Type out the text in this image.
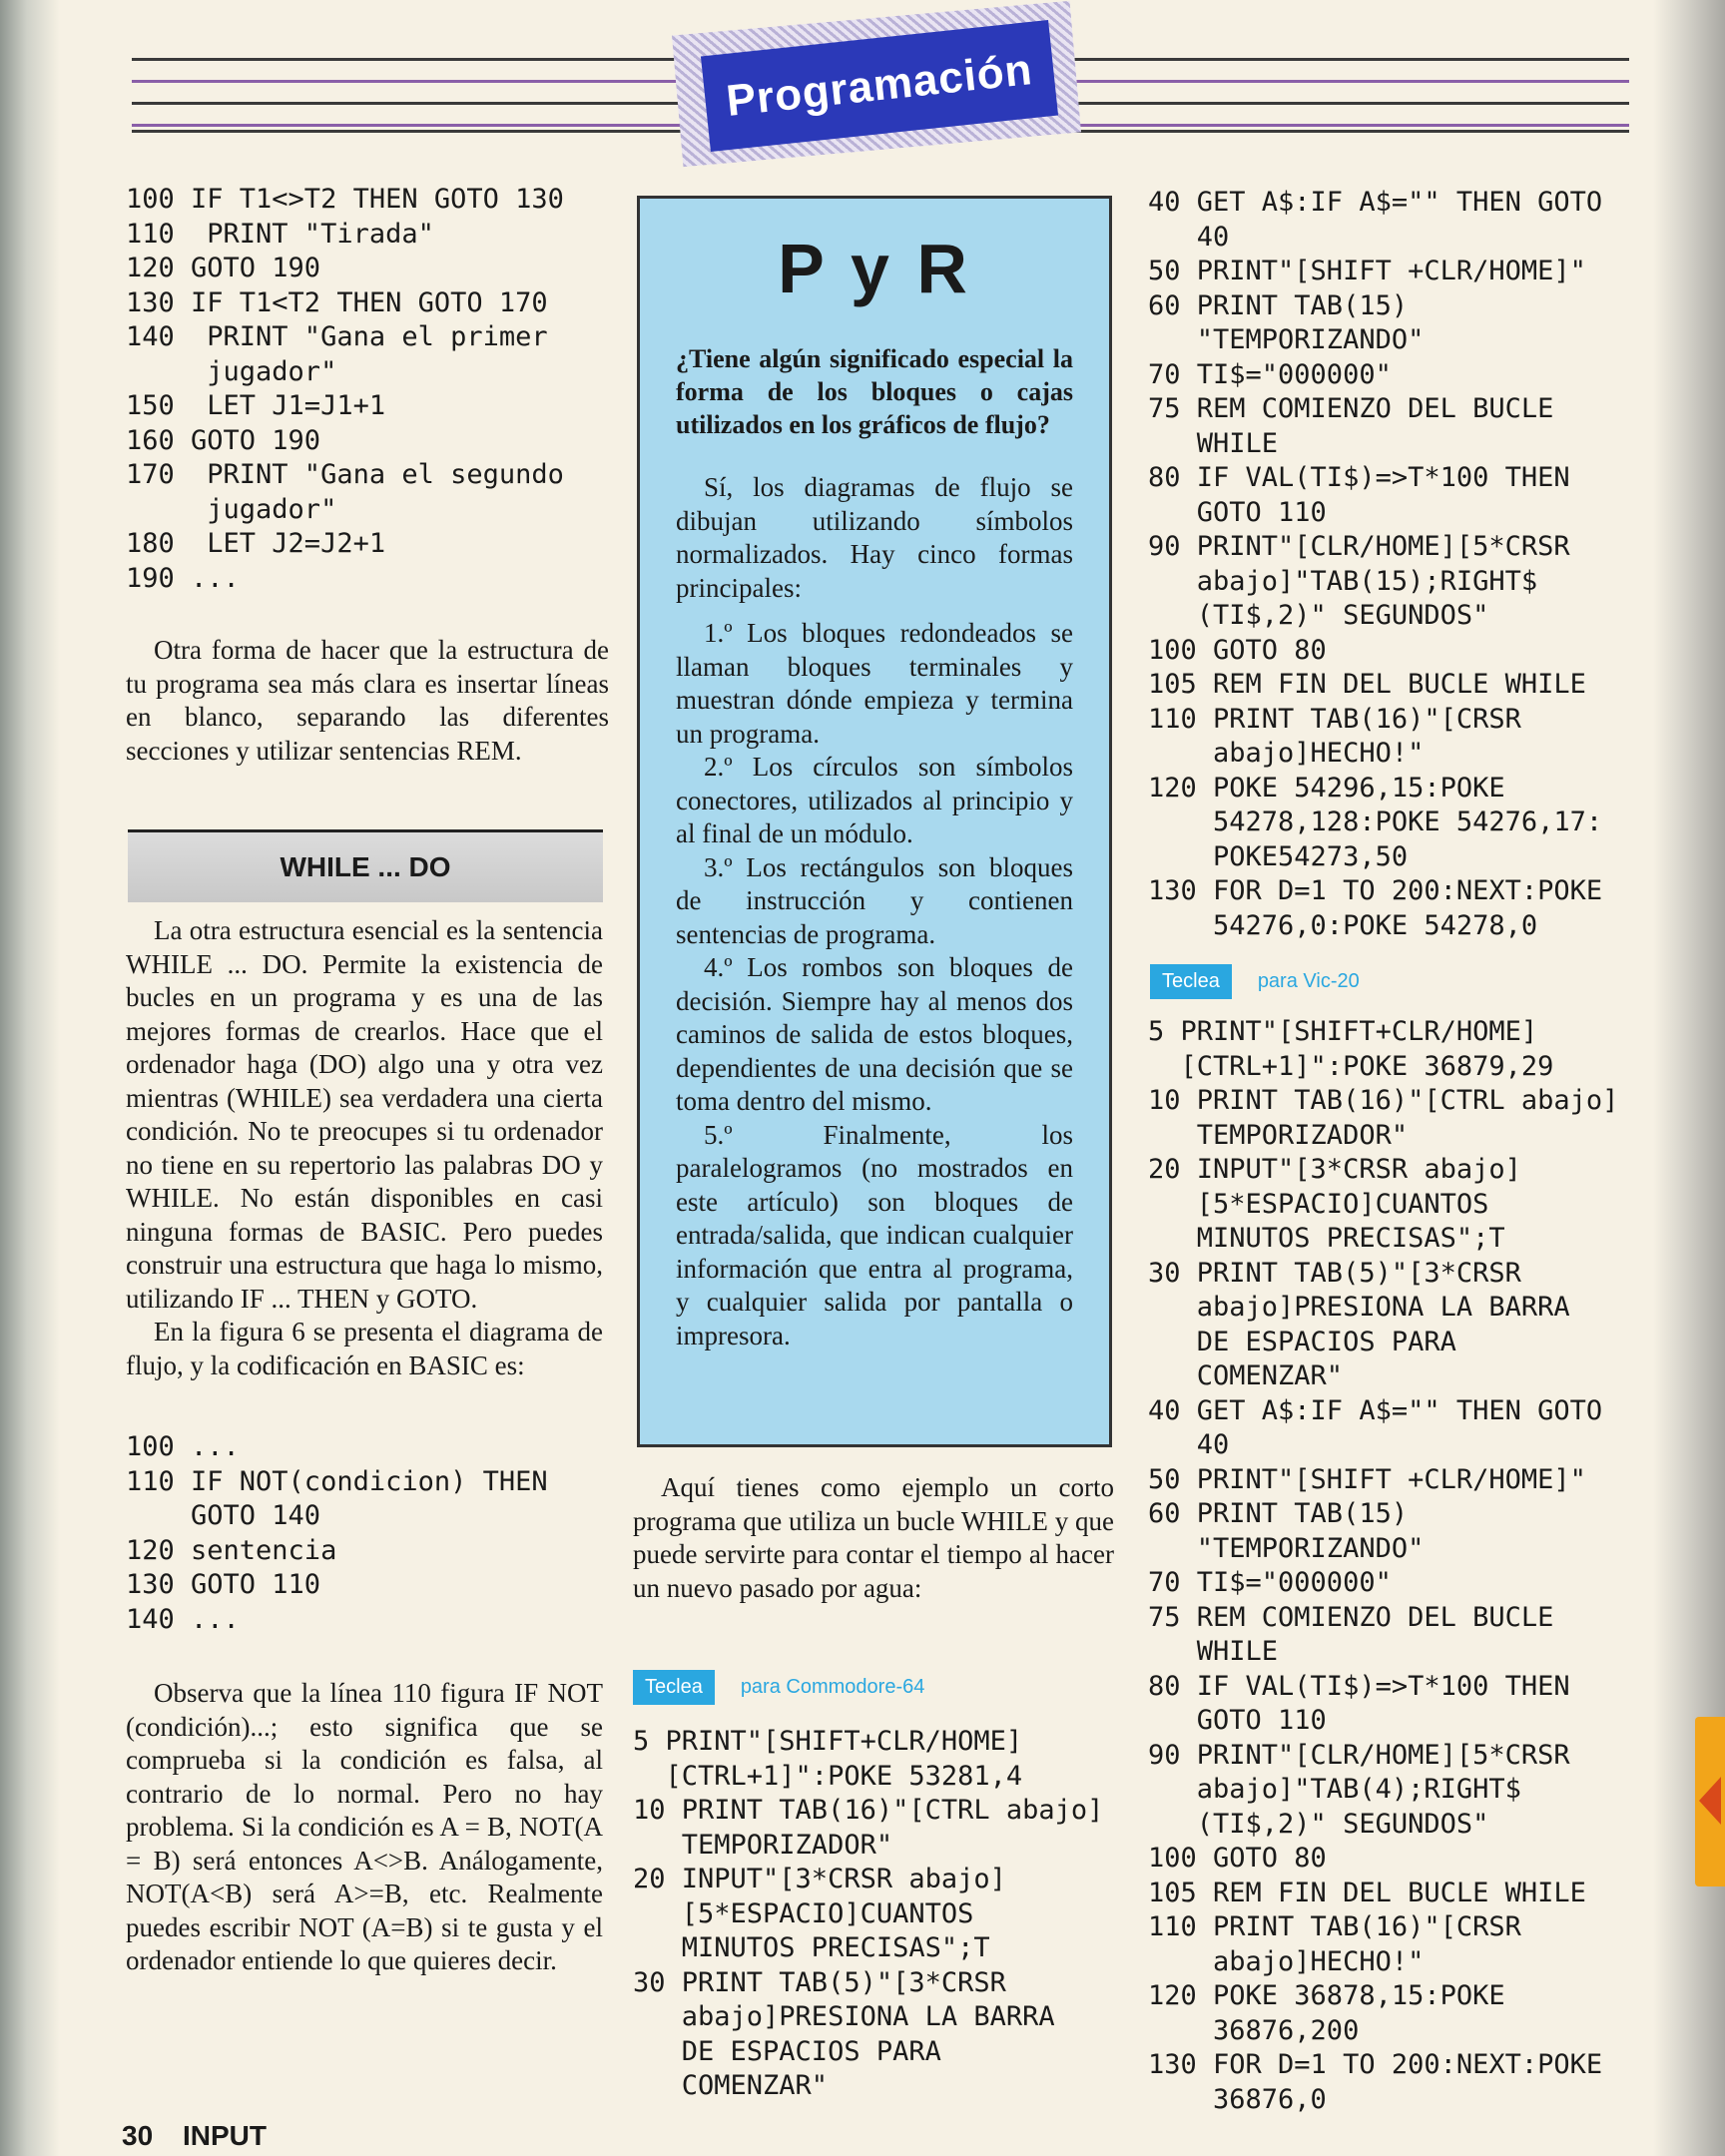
Programación
100 IF T1<>T2 THEN GOTO 130
110  PRINT "Tirada"
120 GOTO 190
130 IF T1<T2 THEN GOTO 170
140  PRINT "Gana el primer
jugador"
150  LET J1=J1+1
160 GOTO 190
170  PRINT "Gana el segundo
jugador"
180  LET J2=J2+1
190 ...

Otra forma de hacer que la estructura de tu programa sea más clara es insertar líneas en blanco, separando las diferentes secciones y utilizar sentencias REM.

WHILE ... DO

La otra estructura esencial es la sentencia WHILE ... DO. Permite la existencia de bucles en un programa y es una de las mejores formas de crearlos. Hace que el ordenador haga (DO) algo una y otra vez mientras (WHILE) sea verdadera una cierta condición. No te preocupes si tu ordenador no tiene en su repertorio las palabras DO y WHILE. No están disponibles en casi ninguna formas de BASIC. Pero puedes construir una estructura que haga lo mismo, utilizando IF ... THEN y GOTO.

En la figura 6 se presenta el diagrama de flujo, y la codificación en BASIC es:

100 ...
110 IF NOT(condicion) THEN
GOTO 140
120 sentencia
130 GOTO 110
140 ...

Observa que la línea 110 figura IF NOT (condición)...; esto significa que se comprueba si la condición es falsa, al contrario de lo normal. Pero no hay problema. Si la condición es A = B, NOT(A = B) será entonces A<>B. Análogamente, NOT(A<B) será A>=B, etc. Realmente puedes escribir NOT (A=B) si te gusta y el ordenador entiende lo que quieres decir.

P y R
¿Tiene algún significado especial la forma de los bloques o cajas utilizados en los gráficos de flujo?

Sí, los diagramas de flujo se dibujan utilizando símbolos normalizados. Hay cinco formas principales:

1.º Los bloques redondeados se llaman bloques terminales y muestran dónde empieza y termina un programa.

2.º Los círculos son símbolos conectores, utilizados al principio y al final de un módulo.

3.º Los rectángulos son bloques de instrucción y contienen sentencias de programa.

4.º Los rombos son bloques de decisión. Siempre hay al menos dos caminos de salida de estos bloques, dependientes de una decisión que se toma dentro del mismo.

5.º Finalmente, los paralelogramos (no mostrados en este artículo) son bloques de entrada/salida, que indican cualquier información que entra al programa, y cualquier salida por pantalla o impresora.

Aquí tienes como ejemplo un corto programa que utiliza un bucle WHILE y que puede servirte para contar el tiempo al hacer un nuevo pasado por agua:

Teclea	para Commodore-64
5 PRINT"[SHIFT+CLR/HOME]
[CTRL+1]":POKE 53281,4
10 PRINT TAB(16)"[CTRL abajo]
TEMPORIZADOR"
20 INPUT"[3*CRSR abajo]
[5*ESPACIO]CUANTOS
MINUTOS PRECISAS";T
30 PRINT TAB(5)"[3*CRSR
abajo]PRESIONA LA BARRA
DE ESPACIOS PARA
COMENZAR"
40 GET A$:IF A$="" THEN GOTO
40
50 PRINT"[SHIFT +CLR/HOME]"
60 PRINT TAB(15)
"TEMPORIZANDO"
70 TI$="000000"
75 REM COMIENZO DEL BUCLE
WHILE
80 IF VAL(TI$)=>T*100 THEN
GOTO 110
90 PRINT"[CLR/HOME][5*CRSR
abajo]"TAB(15);RIGHT$
(TI$,2)" SEGUNDOS"
100 GOTO 80
105 REM FIN DEL BUCLE WHILE
110 PRINT TAB(16)"[CRSR
abajo]HECHO!"
120 POKE 54296,15:POKE
54278,128:POKE 54276,17:
POKE54273,50
130 FOR D=1 TO 200:NEXT:POKE
54276,0:POKE 54278,0
Teclea	para Vic-20
5 PRINT"[SHIFT+CLR/HOME]
[CTRL+1]":POKE 36879,29
10 PRINT TAB(16)"[CTRL abajo]
TEMPORIZADOR"
20 INPUT"[3*CRSR abajo]
[5*ESPACIO]CUANTOS
MINUTOS PRECISAS";T
30 PRINT TAB(5)"[3*CRSR
abajo]PRESIONA LA BARRA
DE ESPACIOS PARA
COMENZAR"
40 GET A$:IF A$="" THEN GOTO
40
50 PRINT"[SHIFT +CLR/HOME]"
60 PRINT TAB(15)
"TEMPORIZANDO"
70 TI$="000000"
75 REM COMIENZO DEL BUCLE
WHILE
80 IF VAL(TI$)=>T*100 THEN
GOTO 110
90 PRINT"[CLR/HOME][5*CRSR
abajo]"TAB(4);RIGHT$
(TI$,2)" SEGUNDOS"
100 GOTO 80
105 REM FIN DEL BUCLE WHILE
110 PRINT TAB(16)"[CRSR
abajo]HECHO!"
120 POKE 36878,15:POKE
36876,200
130 FOR D=1 TO 200:NEXT:POKE
36876,0
30 INPUT
